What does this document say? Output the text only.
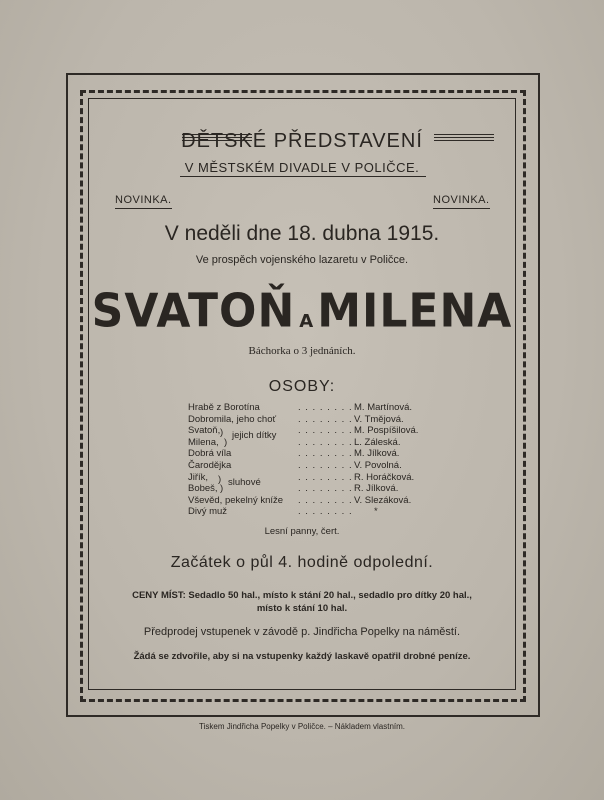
DĚTSKÉ PŘEDSTAVENÍ
V MĚSTSKÉM DIVADLE V POLIČCE.
NOVINKA.	NOVINKA.
V neděli dne 18. dubna 1915.
Ve prospěch vojenského lazaretu v Poličce.
SVATOŇ AMILENA
Báchorka o 3 jednáních.
OSOBY:
Hrabě z Borotína	. . . . . . . . M. Martínová.
Dobromila, jeho choť . . . . . . . . V. Tmějová.
Svatoň, ) jejich dítky . . . . . . . . M. Pospíšilová.
Milena, )	. . . . . . . . L. Záleská.
Dobrá víla	. . . . . . . . M. Jílková.
Čarodějka	. . . . . . . . V. Povolná.
Jiřík, ) sluhové	. . . . . . . . R. Horáčková.
Bobeš, )	. . . . . . . . R. Jílková.
Vševěd, pekelný kníže . . . . . . . . V. Slezáková.
Divý muž	. . . . . . . . *
Lesní panny, čert.
Začátek o půl 4. hodině odpolední.
CENY MÍST: Sedadlo 50 hal., místo k stání 20 hal., sedadlo pro dítky 20 hal.,
místo k stání 10 hal.
Předprodej vstupenek v závodě p. Jindřicha Popelky na náměstí.
Žádá se zdvořile, aby si na vstupenky každý laskavě opatřil drobné peníze.
Tiskem Jindřicha Popelky v Poličce. – Nákladem vlastním.
